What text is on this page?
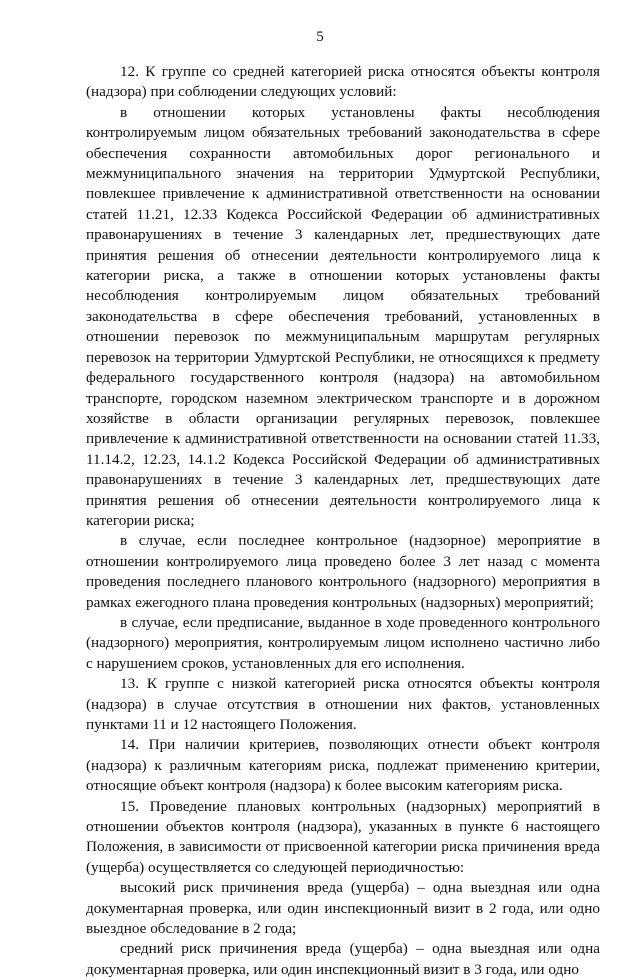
5

12. К группе со средней категорией риска относятся объекты контроля (надзора) при соблюдении следующих условий:

в отношении которых установлены факты несоблюдения контролируемым лицом обязательных требований законодательства в сфере обеспечения сохранности автомобильных дорог регионального и межмуниципального значения на территории Удмуртской Республики, повлекшее привлечение к административной ответственности на основании статей 11.21, 12.33 Кодекса Российской Федерации об административных правонарушениях в течение 3 календарных лет, предшествующих дате принятия решения об отнесении деятельности контролируемого лица к категории риска, а также в отношении которых установлены факты несоблюдения контролируемым лицом обязательных требований законодательства в сфере обеспечения требований, установленных в отношении перевозок по межмуниципальным маршрутам регулярных перевозок на территории Удмуртской Республики, не относящихся к предмету федерального государственного контроля (надзора) на автомобильном транспорте, городском наземном электрическом транспорте и в дорожном хозяйстве в области организации регулярных перевозок, повлекшее привлечение к административной ответственности на основании статей 11.33, 11.14.2, 12.23, 14.1.2 Кодекса Российской Федерации об административных правонарушениях в течение 3 календарных лет, предшествующих дате принятия решения об отнесении деятельности контролируемого лица к категории риска;

в случае, если последнее контрольное (надзорное) мероприятие в отношении контролируемого лица проведено более 3 лет назад с момента проведения последнего планового контрольного (надзорного) мероприятия в рамках ежегодного плана проведения контрольных (надзорных) мероприятий;

в случае, если предписание, выданное в ходе проведенного контрольного (надзорного) мероприятия, контролируемым лицом исполнено частично либо с нарушением сроков, установленных для его исполнения.

13. К группе с низкой категорией риска относятся объекты контроля (надзора) в случае отсутствия в отношении них фактов, установленных пунктами 11 и 12 настоящего Положения.

14. При наличии критериев, позволяющих отнести объект контроля (надзора) к различным категориям риска, подлежат применению критерии, относящие объект контроля (надзора) к более высоким категориям риска.

15. Проведение плановых контрольных (надзорных) мероприятий в отношении объектов контроля (надзора), указанных в пункте 6 настоящего Положения, в зависимости от присвоенной категории риска причинения вреда (ущерба) осуществляется со следующей периодичностью:

высокий риск причинения вреда (ущерба) – одна выездная или одна документарная проверка, или один инспекционный визит в 2 года, или одно выездное обследование в 2 года;

средний риск причинения вреда (ущерба) – одна выездная или одна документарная проверка, или один инспекционный визит в 3 года, или одно
